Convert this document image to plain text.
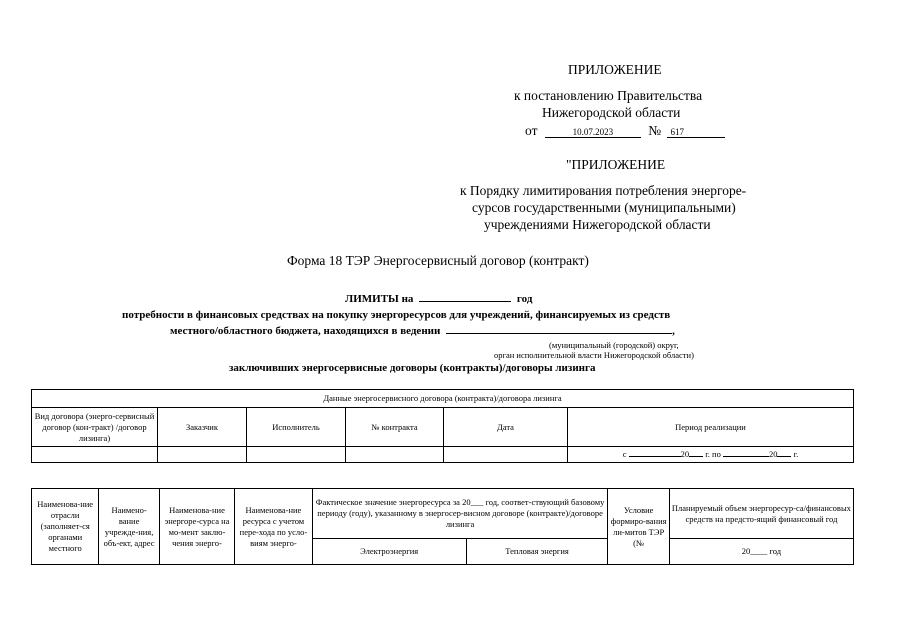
ПРИЛОЖЕНИЕ
к постановлению Правительства
Нижегородской области
от	10.07.2023	№ 617
"ПРИЛОЖЕНИЕ
к Порядку лимитирования потребления энергоре-
сурсов государственными (муниципальными)
учреждениями Нижегородской области
Форма 18 ТЭР Энергосервисный договор (контракт)
ЛИМИТЫ на	год
потребности в финансовых средствах на покупку энергоресурсов для учреждений, финансируемых из средств
местного/областного бюджета, находящихся в ведении	,
(муниципальный (городской) округ,
орган исполнительной власти Нижегородской области)
заключивших энергосервисные договоры (контракты)/договоры лизинга
Данные энергосервисного договора (контракта)/договора лизинга					
Вид договора (энерго-сервисный договор (кон-тракт) /договор лизинга)	Заказчик	Исполнитель	№ контракта	Дата	Период реализации
					с 20 г. по 20 г.
Наименова-ние отрасли (заполняет-ся органами местного	Наимено-вание учрежде-ния, объ-ект, адрес	Наименова-ние энергоре-сурса на мо-мент заклю-чения энерго-	Наименова-ние ресурса с учетом пере-хода по усло-виям энерго-	Фактическое значение энергоресурса за 20___ год, соответ-ствующий базовому периоду (году), указанному в энергосер-висном договоре (контракте)/договоре лизинга		Условие формиро-вания ли-митов ТЭР (№	Планируемый объем энергоресур-са/финансовых средств на предсто-ящий финансовый год
				Электроэнергия	Тепловая энергия		20____ год
